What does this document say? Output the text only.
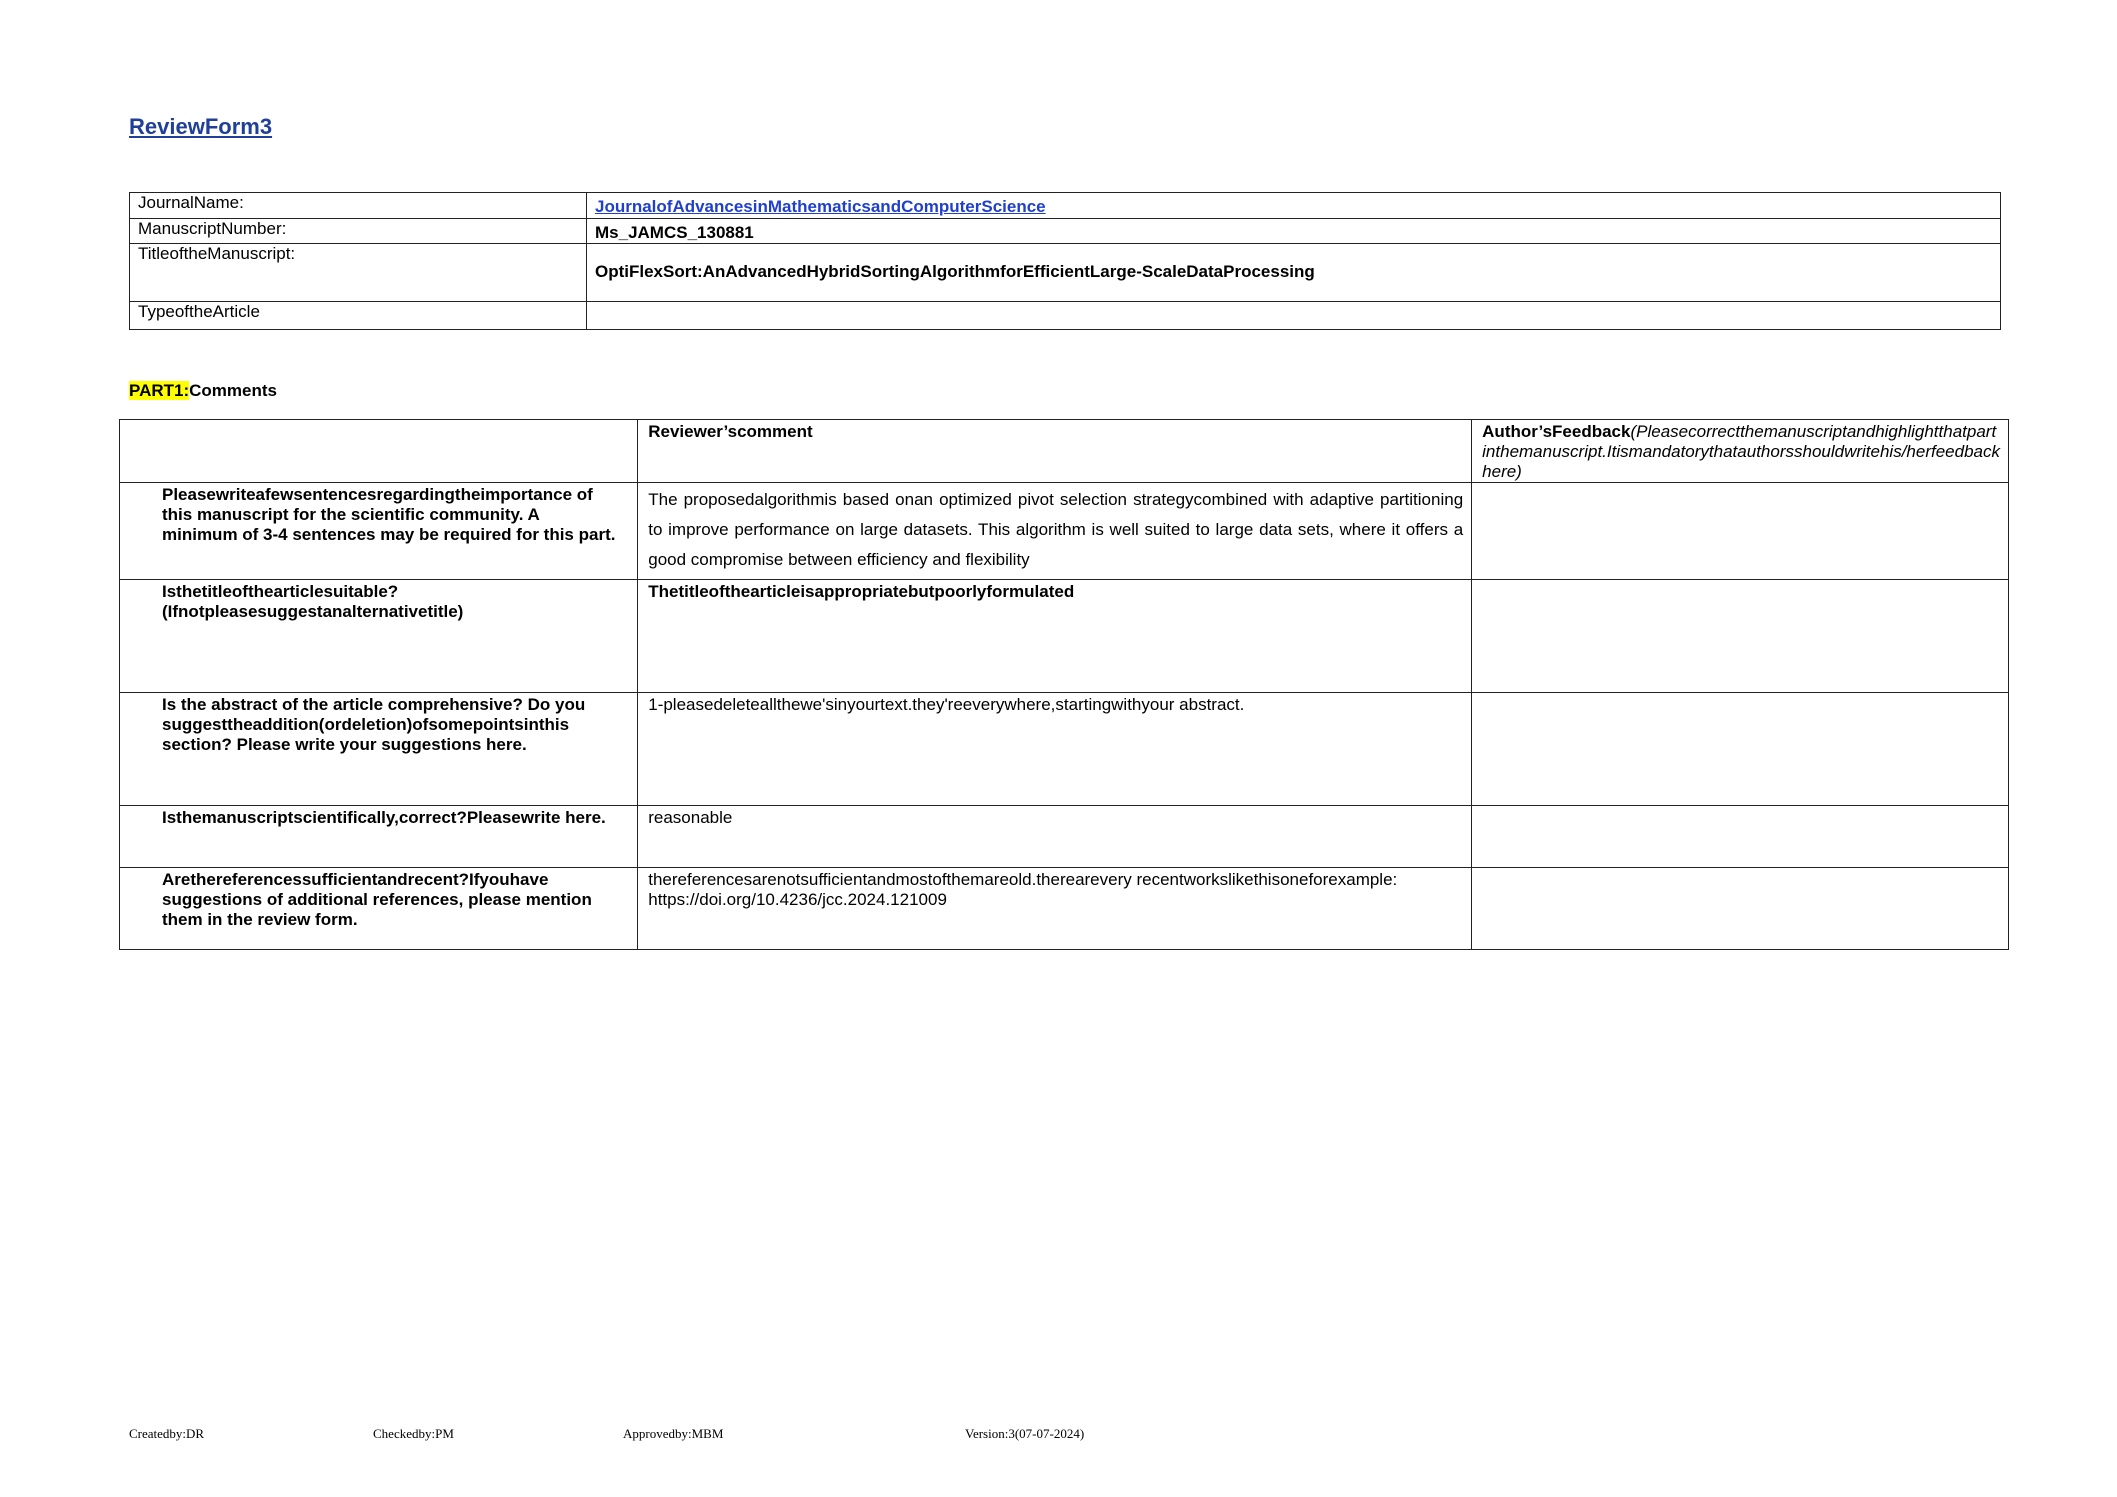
ReviewForm3
JournalName:	JournalofAdvancesinMathematicsandComputerScience
ManuscriptNumber:	Ms_JAMCS_130881
TitleoftheManuscript:	OptiFlexSort:AnAdvancedHybridSortingAlgorithmforEfficientLarge-ScaleDataProcessing
TypeoftheArticle	
PART1:Comments
	Reviewer’scomment	Author’sFeedback(Pleasecorrectthemanuscriptandhighlightthatpart inthemanuscript.Itismandatorythatauthorsshouldwritehis/herfeedback here)
Pleasewriteafewsentencesregardingtheimportance of this manuscript for the scientific community. A minimum of 3-4 sentences may be required for this part.	The proposedalgorithmis based onan optimized pivot selection strategycombined with adaptive partitioning to improve performance on large datasets. This algorithm is well suited to large data sets, where it offers a good compromise between efficiency and flexibility	
Isthetitleofthearticlesuitable? (Ifnotpleasesuggestanalternativetitle)	Thetitleofthearticleisappropriatebutpoorlyformulated	
Is the abstract of the article comprehensive? Do you suggesttheaddition(ordeletion)ofsomepointsinthis section? Please write your suggestions here.	1-pleasedeleteallthewe'sinyourtext.they'reeverywhere,startingwithyour abstract.	
Isthemanuscriptscientifically,correct?Pleasewrite here.	reasonable	
Arethereferencessufficientandrecent?Ifyouhave suggestions of additional references, please mention them in the review form.	thereferencesarenotsufficientandmostofthemareold.therearevery recentworkslikethisoneforexample: https://doi.org/10.4236/jcc.2024.121009	
Createdby:DR	Checkedby:PM	Approvedby:MBM	Version:3(07-07-2024)
